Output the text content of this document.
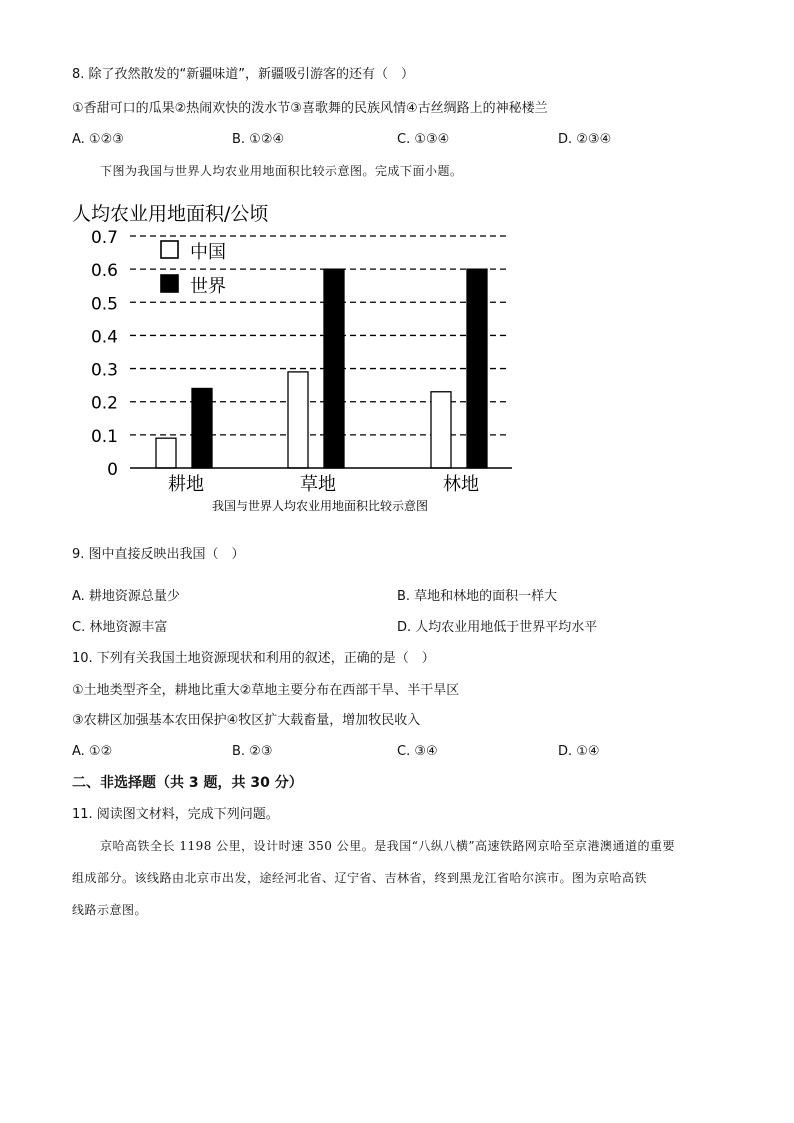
8. 除了孜然散发的“新疆味道”，新疆吸引游客的还有（　）
①香甜可口的瓜果②热闹欢快的泼水节③喜歌舞的民族风情④古丝绸路上的神秘楼兰
A. ①②③	B. ①②④	C. ①③④	D. ②③④
下图为我国与世界人均农业用地面积比较示意图。完成下面小题。
人均农业用地面积/公顷
0
0.1
0.2
0.3
0.4
0.5
0.6
0.7
耕地	草地	林地
中国
世界
我国与世界人均农业用地面积比较示意图
9. 图中直接反映出我国（　）
A. 耕地资源总量少	B. 草地和林地的面积一样大
C. 林地资源丰富	D. 人均农业用地低于世界平均水平
10. 下列有关我国土地资源现状和利用的叙述，正确的是（　）
①土地类型齐全，耕地比重大②草地主要分布在西部干旱、半干旱区
③农耕区加强基本农田保护④牧区扩大载畜量，增加牧民收入
A. ①②	B. ②③	C. ③④	D. ①④
二、非选择题（共 3 题，共 30 分）
11. 阅读图文材料，完成下列问题。
京哈高铁全长 1198 公里，设计时速 350 公里。是我国“八纵八横”高速铁路网京哈至京港澳通道的重要
组成部分。该线路由北京市出发，途经河北省、辽宁省、吉林省，终到黑龙江省哈尔滨市。图为京哈高铁
线路示意图。
